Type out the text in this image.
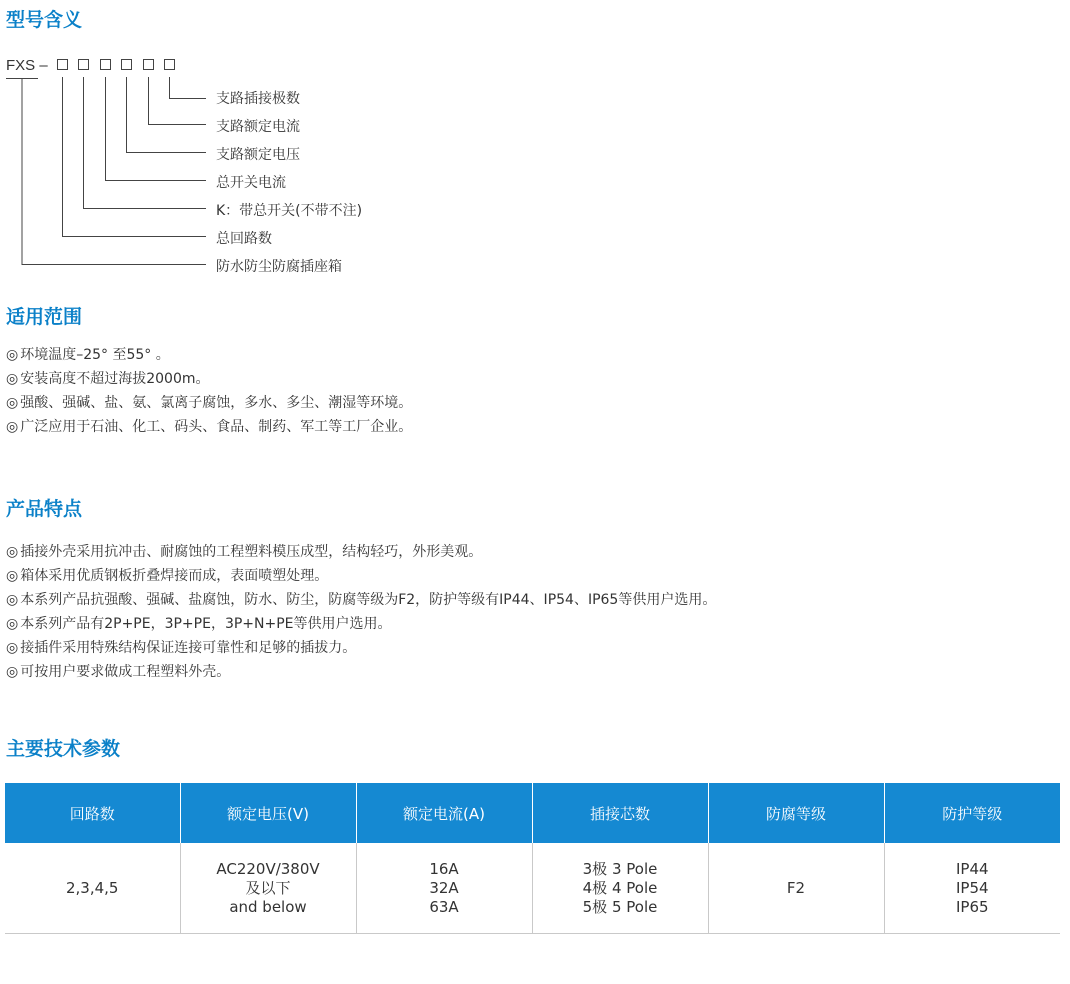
型号含义
FXS –
支路插接极数
支路额定电流
支路额定电压
总开关电流
K：带总开关(不带不注)
总回路数
防水防尘防腐插座箱
适用范围
◎ 环境温度–25° 至55° 。
◎ 安装高度不超过海拔2000m。
◎ 强酸、强碱、盐、氨、氯离子腐蚀，多水、多尘、潮湿等环境。
◎ 广泛应用于石油、化工、码头、食品、制药、军工等工厂企业。
产品特点
◎ 插接外壳采用抗冲击、耐腐蚀的工程塑料模压成型，结构轻巧，外形美观。
◎ 箱体采用优质钢板折叠焊接而成，表面喷塑处理。
◎ 本系列产品抗强酸、强碱、盐腐蚀，防水、防尘，防腐等级为F2，防护等级有IP44、IP54、IP65等供用户选用。
◎ 本系列产品有2P+PE，3P+PE，3P+N+PE等供用户选用。
◎ 接插件采用特殊结构保证连接可靠性和足够的插拔力。
◎ 可按用户要求做成工程塑料外壳。
主要技术参数
回路数	额定电压(V)	额定电流(A)	插接芯数	防腐等级	防护等级

2,3,4,5	AC220V/380V
及以下
and below	16A
32A
63A	3极 3 Pole
4极 4 Pole
5极 5 Pole	F2	IP44
IP54
IP65
